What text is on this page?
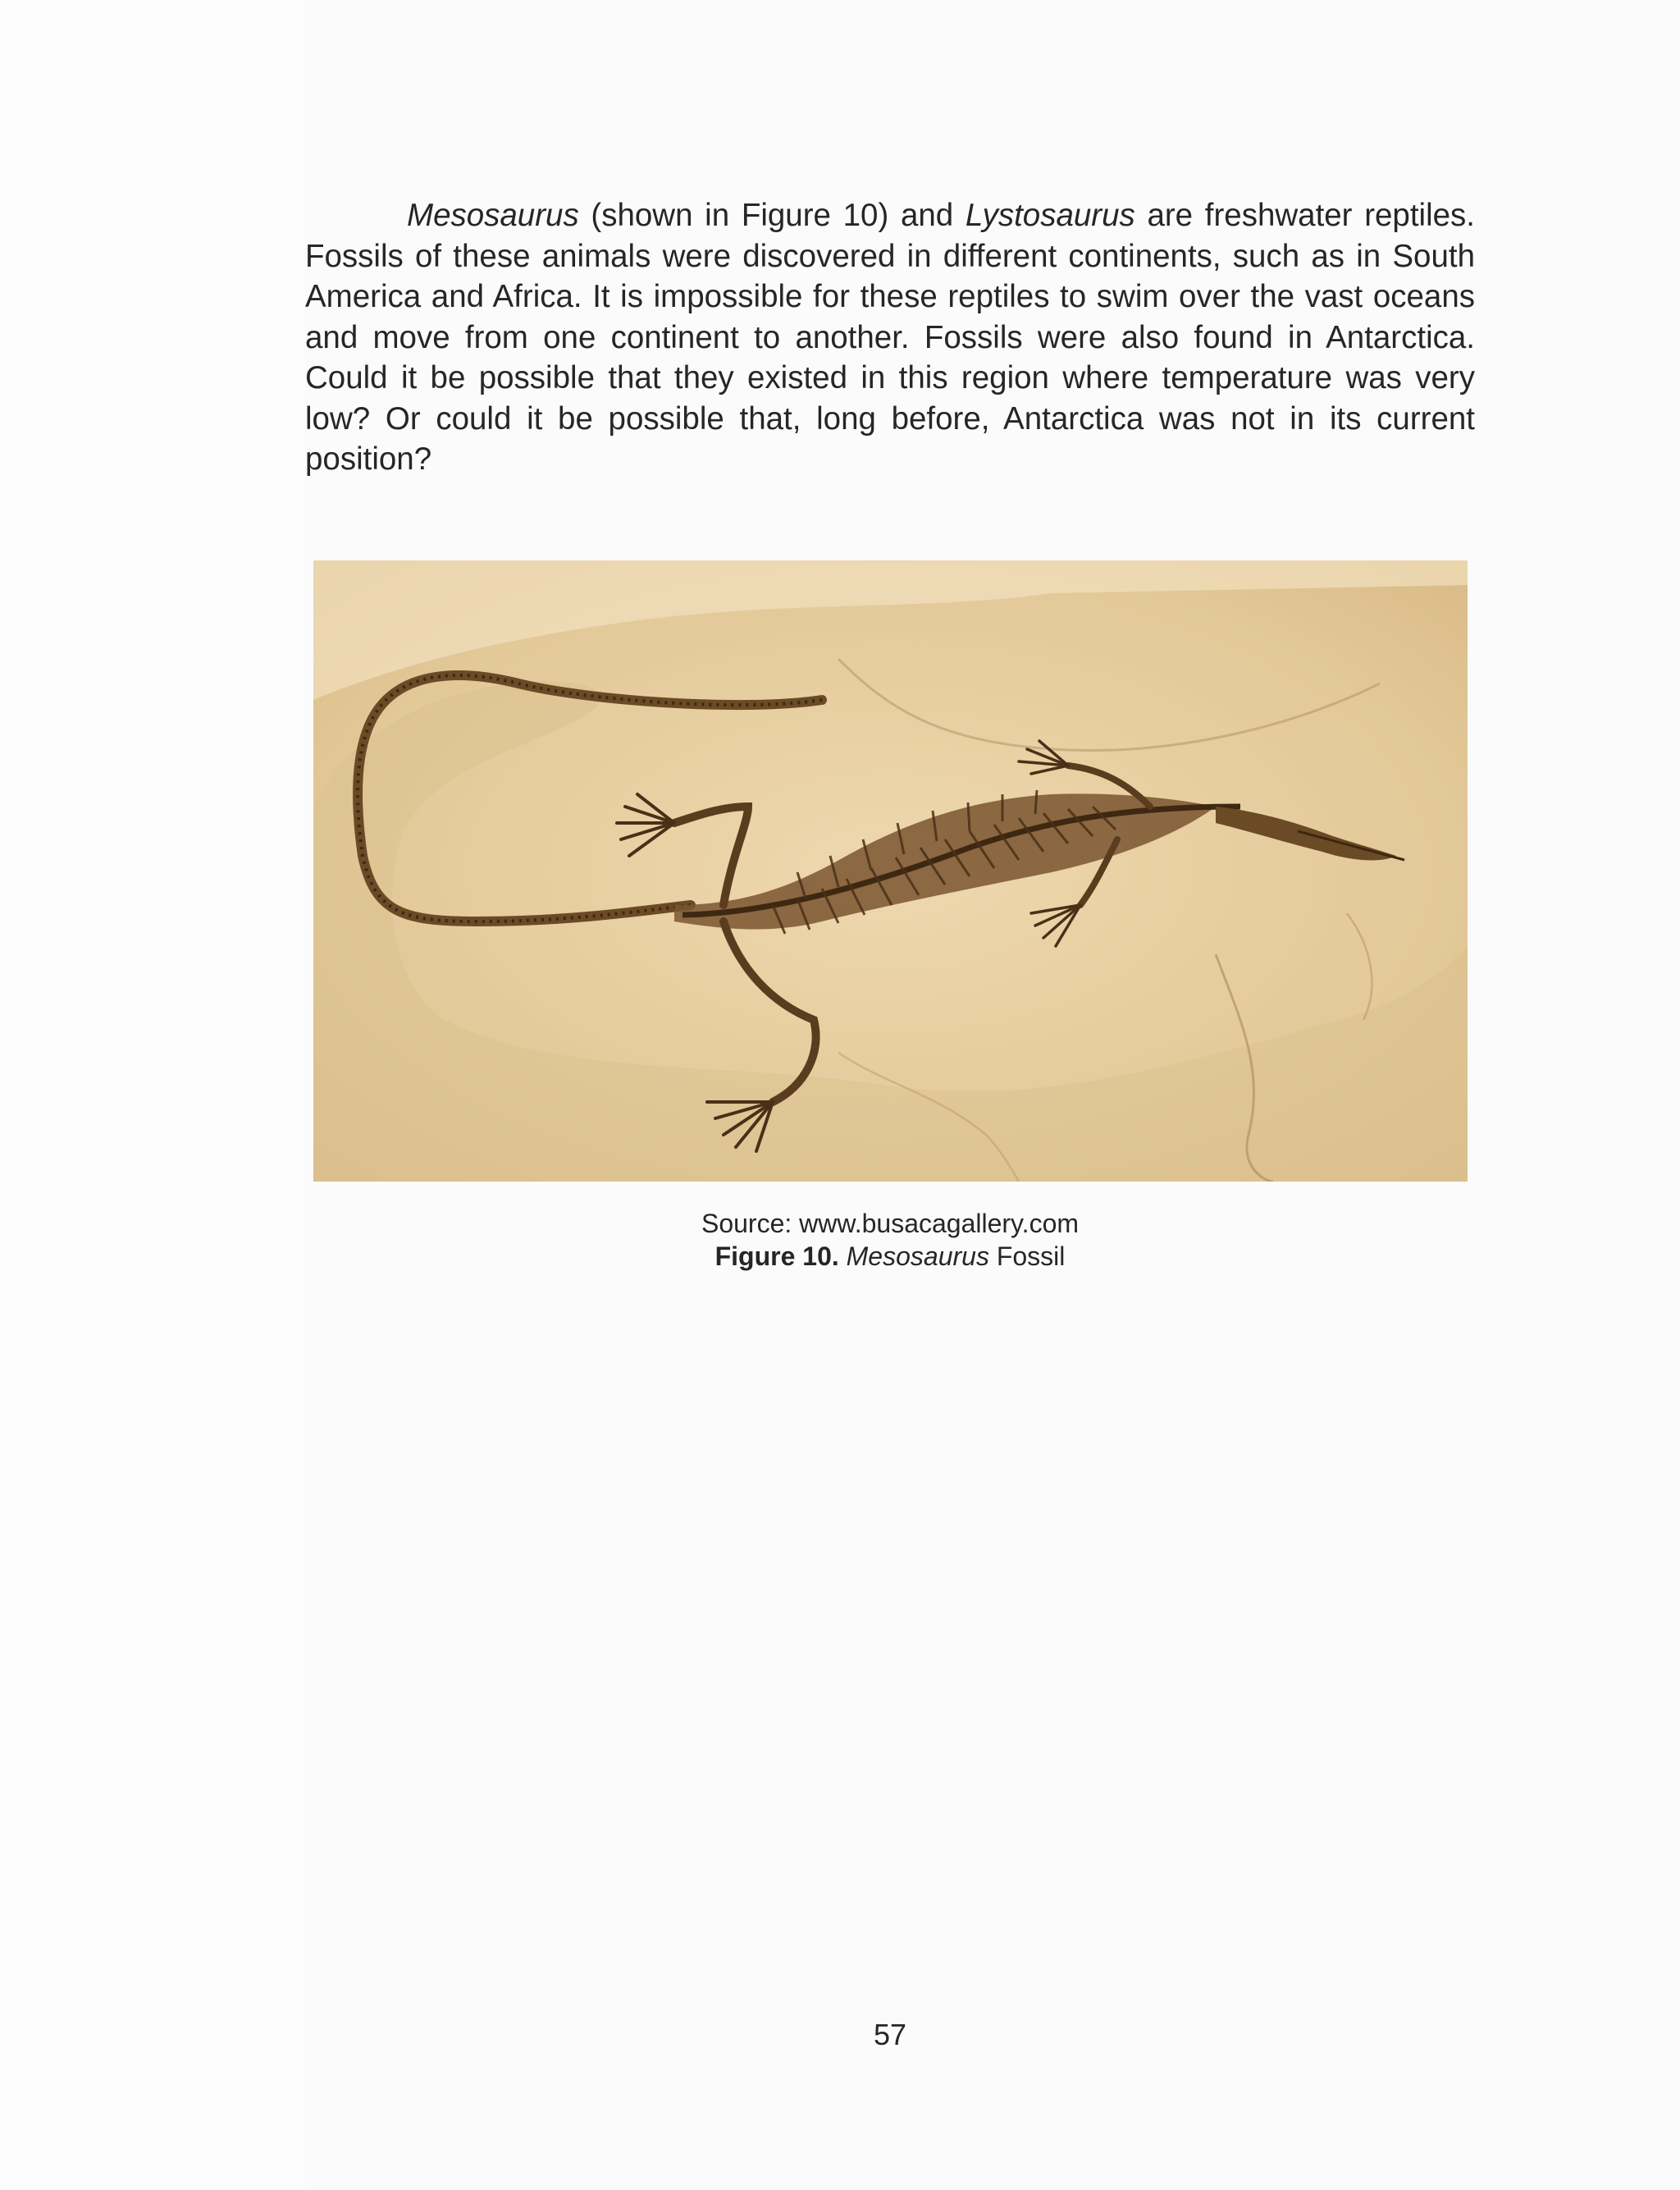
Mesosaurus (shown in Figure 10) and Lystosaurus are freshwater reptiles. Fossils of these animals were discovered in different continents, such as in South America and Africa. It is impossible for these reptiles to swim over the vast oceans and move from one continent to another. Fossils were also found in Antarctica. Could it be possible that they existed in this region where temperature was very low? Or could it be possible that, long before, Antarctica was not in its current position?

Source: www.busacagallery.com
Figure 10. Mesosaurus Fossil
57
